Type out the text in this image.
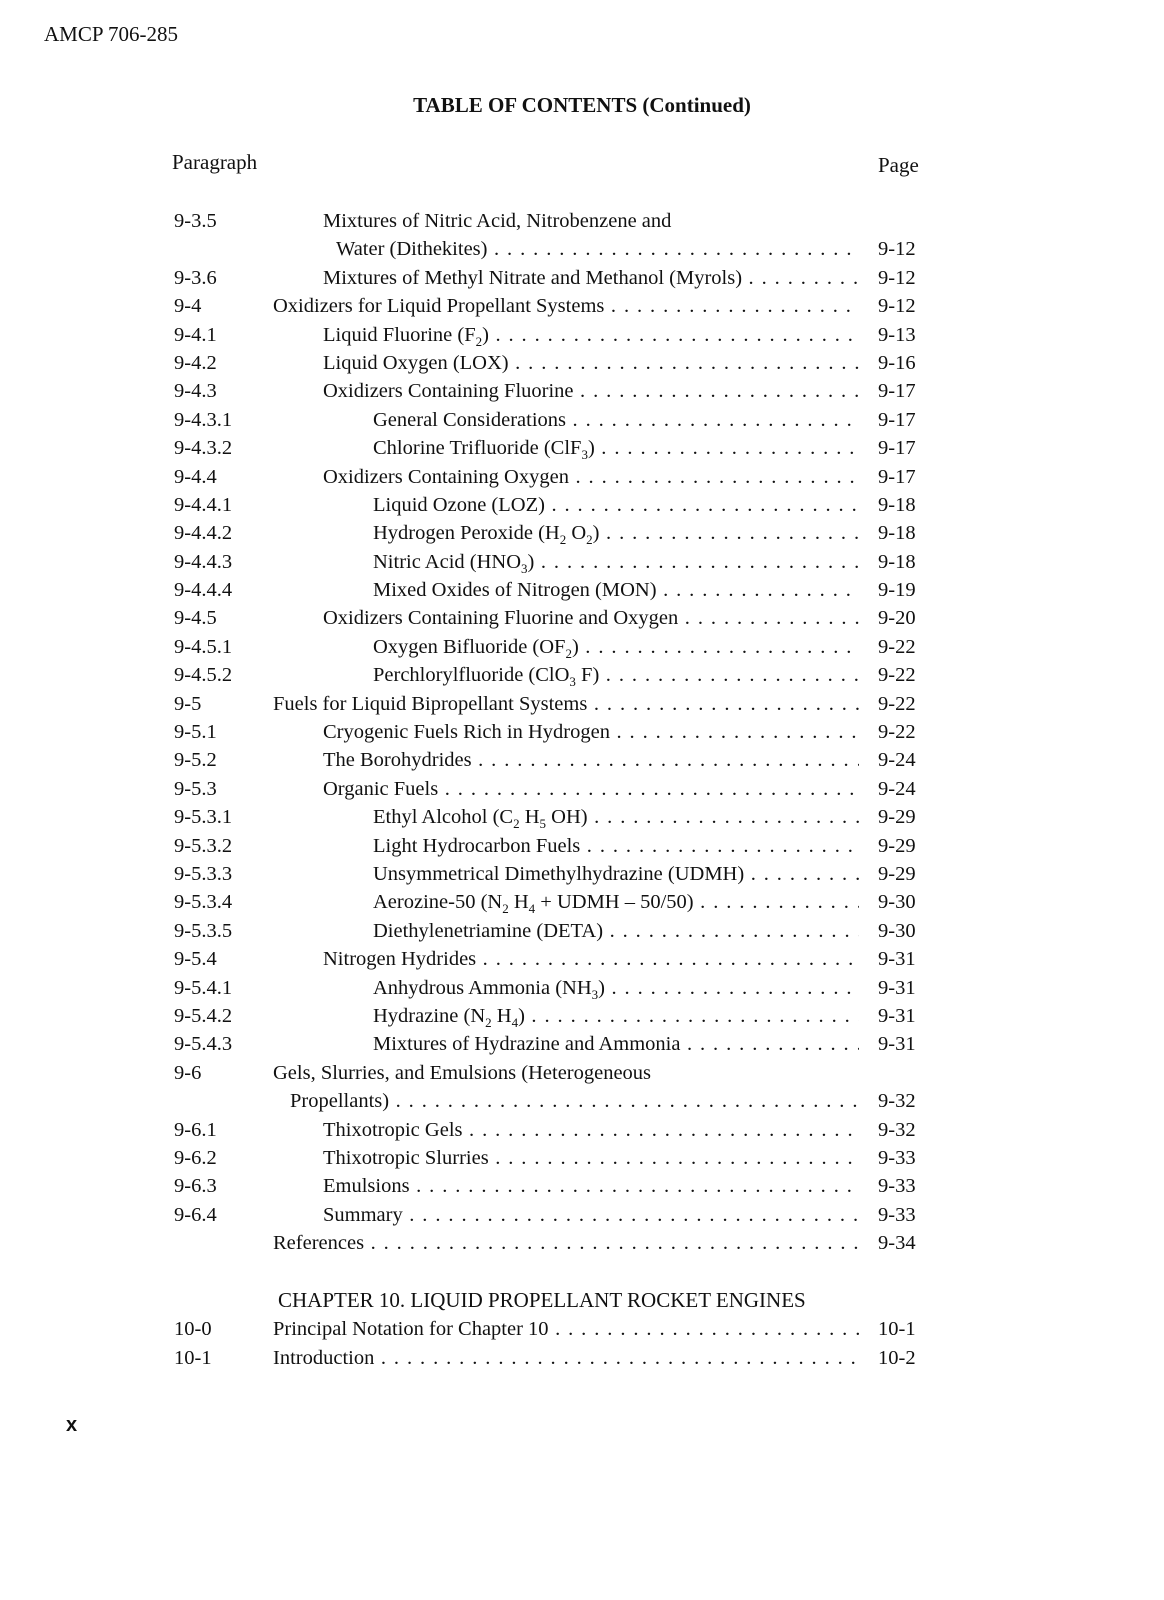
AMCP 706-285
TABLE OF CONTENTS (Continued)
Paragraph	Page
9-3.5	Mixtures of Nitric Acid, Nitrobenzene and
Water (Dithekites) . . .	9-12
9-3.6	Mixtures of Methyl Nitrate and Methanol (Myrols) . . .	9-12
9-4	Oxidizers for Liquid Propellant Systems . . .	9-12
9-4.1	Liquid Fluorine $(F_2)$ . . .	9-13
9-4.2	Liquid Oxygen (LOX) . . .	9-16
9-4.3	Oxidizers Containing Fluorine . . .	9-17
9-4.3.1	General Considerations . . .	9-17
9-4.3.2	Chlorine Trifluoride (ClF$_3$) . . .	9-17
9-4.4	Oxidizers Containing Oxygen . . .	9-17
9-4.4.1	Liquid Ozone (LOZ) . . .	9-18
9-4.4.2	Hydrogen Peroxide ($H_2$ $O_2$) . . .	9-18
9-4.4.3	Nitric Acid $(HNO_3)$ . . .	9-18
9-4.4.4	Mixed Oxides of Nitrogen (MON) . . .	9-19
9-4.5	Oxidizers Containing Fluorine and Oxygen . . .	9-20
9-4.5.1	Oxygen Bifluoride $(OF_2)$ . . .	9-22
9-4.5.2	Perchlorylfluoride (ClO$_3$ F) . . .	9-22
9-5	Fuels for Liquid Bipropellant Systems . . .	9-22
9-5.1	Cryogenic Fuels Rich in Hydrogen . . .	9-22
9-5.2	The Borohydrides . . .	9-24
9-5.3	Organic Fuels . . .	9-24
9-5.3.1	Ethyl Alcohol ($C_2$ $H_5$ OH) . . .	9-29
9-5.3.2	Light Hydrocarbon Fuels . . .	9-29
9-5.3.3	Unsymmetrical Dimethylhydrazine (UDMH) . . .	9-29
9-5.3.4	Aerozine-50 ($N_2$ $H_4$ + UDMH – 50/50) . . .	9-30
9-5.3.5	Diethylenetriamine (DETA) . . .	9-30
9-5.4	Nitrogen Hydrides . . .	9-31
9-5.4.1	Anhydrous Ammonia $(NH_3)$ . . .	9-31
9-5.4.2	Hydrazine ($N_2$ $H_4$) . . .	9-31
9-5.4.3	Mixtures of Hydrazine and Ammonia . . .	9-31
9-6	Gels, Slurries, and Emulsions (Heterogeneous
Propellants) . . .	9-32
9-6.1	Thixotropic Gels . . .	9-32
9-6.2	Thixotropic Slurries . . .	9-33
9-6.3	Emulsions . . .	9-33
9-6.4	Summary . . .	9-33
References . . .	9-34
CHAPTER 10. LIQUID PROPELLANT ROCKET ENGINES
10-0	Principal Notation for Chapter 10 . . .	10-1
10-1	Introduction . . .	10-2
x
